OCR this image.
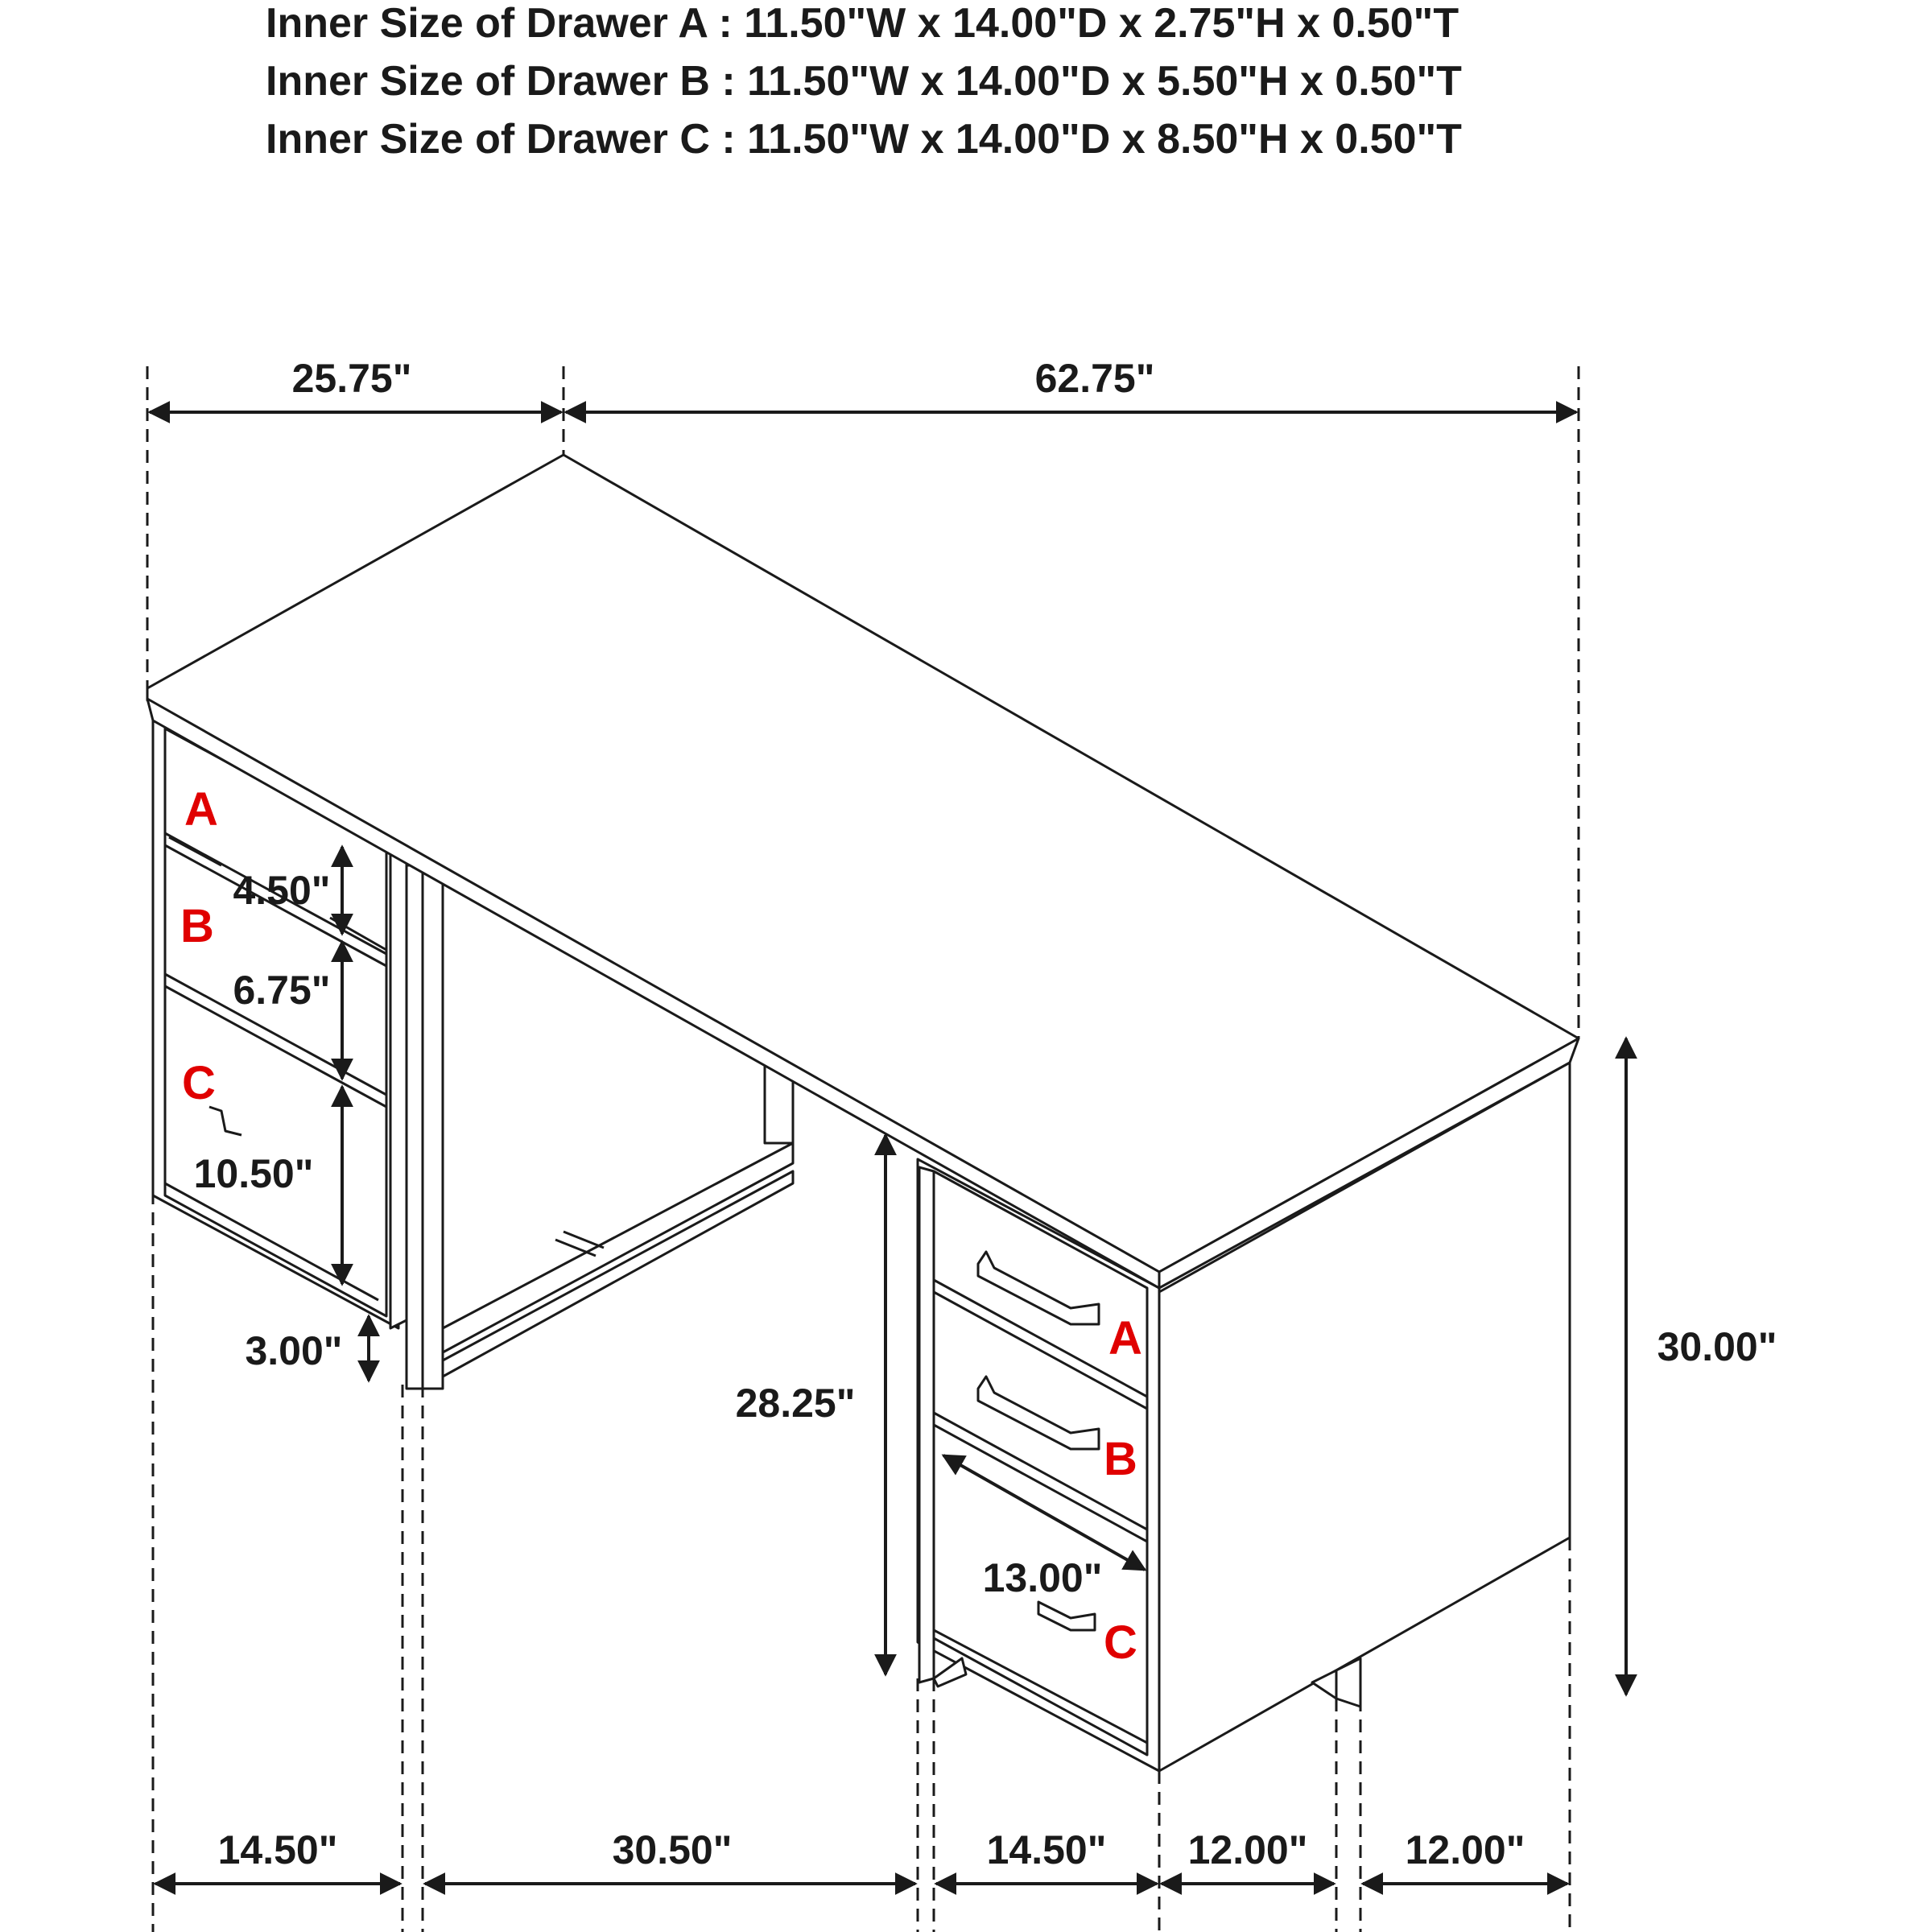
Inner Size of Drawer A : 11.50"W x 14.00"D x 2.75"H x 0.50"T
Inner Size of Drawer B : 11.50"W x 14.00"D x 5.50"H x 0.50"T
Inner Size of Drawer C : 11.50"W x 14.00"D x 8.50"H x 0.50"T
25.75"	62.75"
4.50"
6.75"
10.50"
3.00"
A
B
C
28.25"
30.00"
13.00"
A
B
C
14.50"	30.50"	14.50" 12.00" 12.00"
